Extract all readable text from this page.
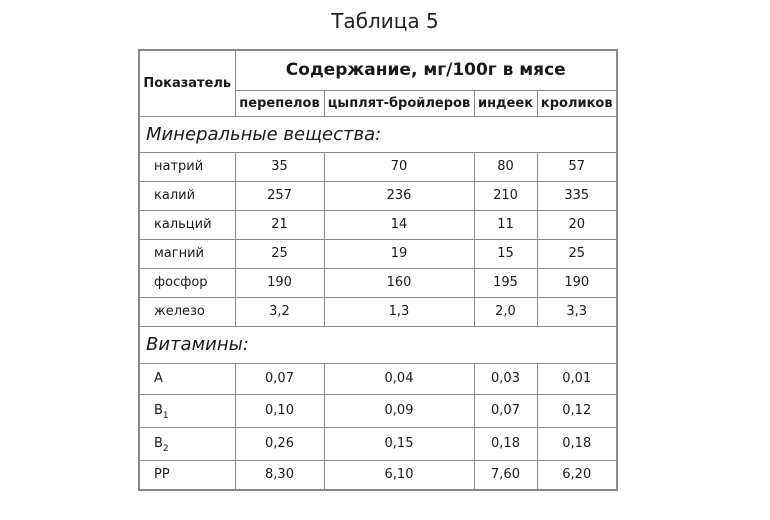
Таблица 5
Показатель	Содержание, мг/100г в мясе			
	перепелов	цыплят-бройлеров	индеек	кроликов
Минеральные вещества:				
натрий	35	70	80	57
калий	257	236	210	335
кальций	21	14	11	20
магний	25	19	15	25
фосфор	190	160	195	190
железо	3,2	1,3	2,0	3,3
Витамины:				
А	0,07	0,04	0,03	0,01
$В_1$	0,10	0,09	0,07	0,12
$В_2$	0,26	0,15	0,18	0,18
РР	8,30	6,10	7,60	6,20
